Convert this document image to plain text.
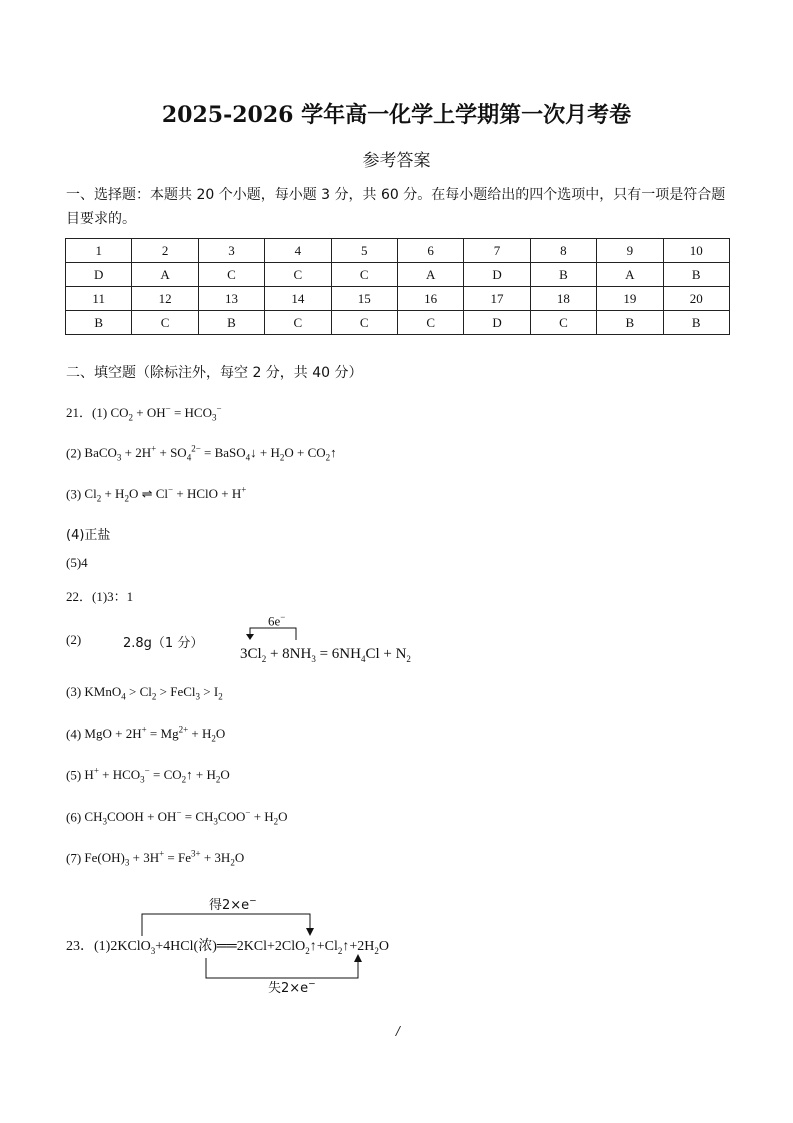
2025-2026 学年高一化学上学期第一次月考卷
参考答案
一、选择题：本题共 20 个小题，每小题 3 分，共 60 分。在每小题给出的四个选项中，只有一项是符合题目要求的。
1	2	3	4	5	6	7	8	9	10
D	A	C	C	C	A	D	B	A	B
11	12	13	14	15	16	17	18	19	20
B	C	B	C	C	C	D	C	B	B
二、填空题（除标注外，每空 2 分，共 40 分）
21．(1) $CO_2 + OH^- = HCO_3^-$
(2) BaCO$_3$ + $2H^+ + SO_4^{2-}$ = BaSO$_4$↓ + $H_2O$ + $CO_2↑$
(3) $Cl_2 + H_2O$ ⇌ Cl− + HClO + H+
(4)正盐
(5)4
22．(1)3：1
(2)	2.8g（1 分）
6e−
$3Cl_2 + 8NH_3 = 6NH_4Cl + N_2$
(3) KMnO$_4$ > $Cl_2$ > FeCl$_3$ > $I_2$
(4) MgO + $2H^+ = Mg^{2+} + H_2O$
(5) $H^+ + HCO_3^-$ = $CO_2↑ + H_2O$
(6) $CH_3COOH + OH^- = CH_3COO^- + H_2O$
(7) $Fe(OH)_3 + 3H^+ = Fe^{3+} + 3H_2O$
得2×e−
23．(1)2KClO$_3$+4HCl(浓)$══2KCl+2ClO_2↑+Cl_2↑+2H_2O$
失2×e−
/
